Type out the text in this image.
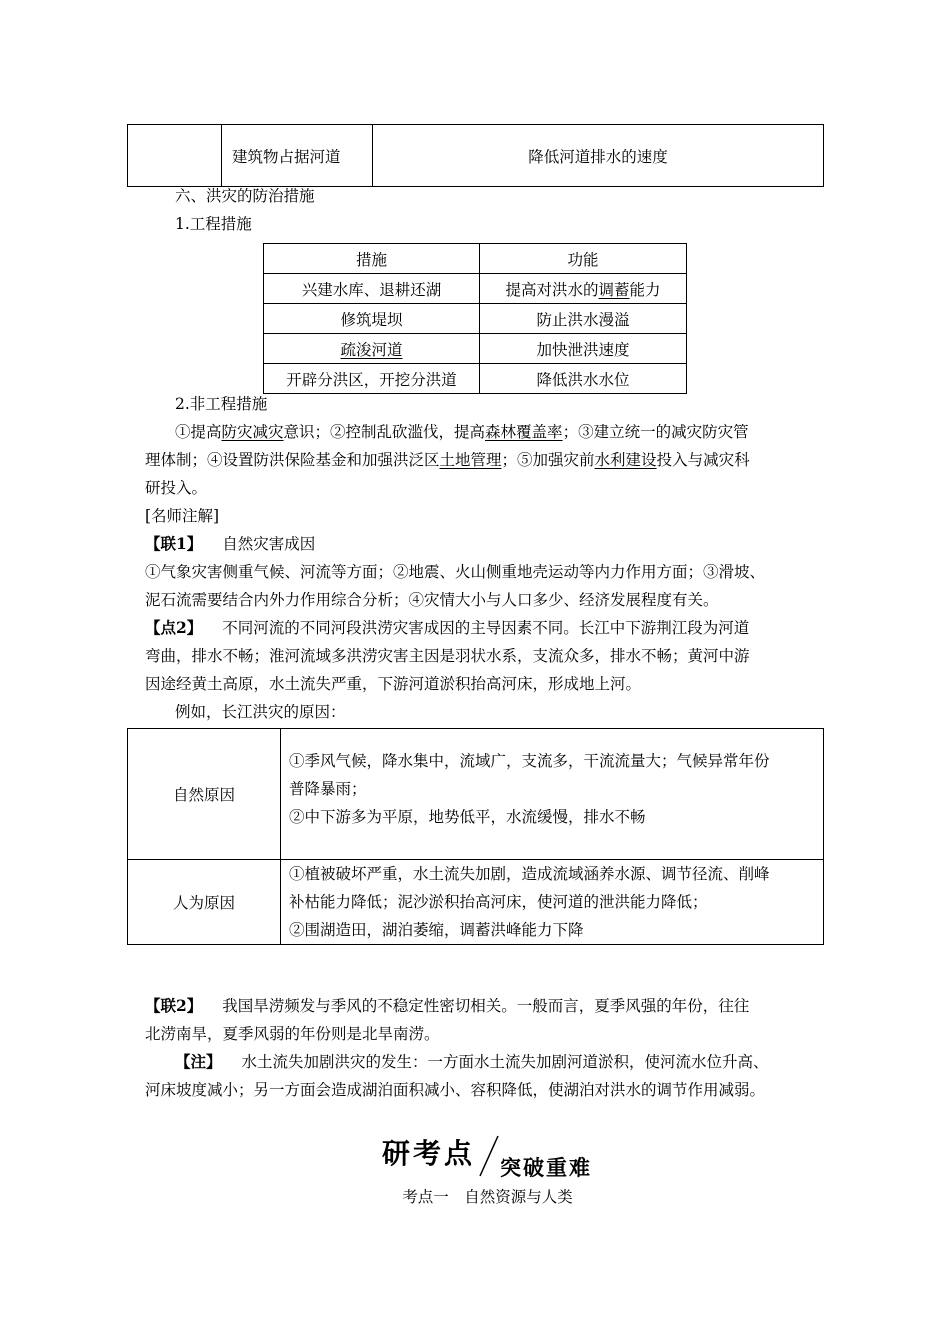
	建筑物占据河道	降低河道排水的速度
六、洪灾的防治措施
1.工程措施
措施	功能
兴建水库、退耕还湖	提高对洪水的调蓄能力
修筑堤坝	防止洪水漫溢
疏浚河道	加快泄洪速度
开辟分洪区，开挖分洪道	降低洪水水位
2.非工程措施
①提高防灾减灾意识；②控制乱砍滥伐，提高森林覆盖率；③建立统一的减灾防灾管
理体制；④设置防洪保险基金和加强洪泛区土地管理；⑤加强灾前水利建设投入与减灾科
研投入。
[名师注解]
【联1】 自然灾害成因
①气象灾害侧重气候、河流等方面；②地震、火山侧重地壳运动等内力作用方面；③滑坡、
泥石流需要结合内外力作用综合分析；④灾情大小与人口多少、经济发展程度有关。
【点2】 不同河流的不同河段洪涝灾害成因的主导因素不同。长江中下游荆江段为河道
弯曲，排水不畅；淮河流域多洪涝灾害主因是羽状水系，支流众多，排水不畅；黄河中游
因途经黄土高原，水土流失严重，下游河道淤积抬高河床，形成地上河。
例如，长江洪灾的原因：
自然原因	①季风气候，降水集中，流域广，支流多，干流流量大；气候异常年份

普降暴雨；

②中下游多为平原，地势低平，水流缓慢，排水不畅

人为原因	①植被破坏严重，水土流失加剧，造成流域涵养水源、调节径流、削峰

补枯能力降低；泥沙淤积抬高河床，使河道的泄洪能力降低；

②围湖造田，湖泊萎缩，调蓄洪峰能力下降

【联2】 我国旱涝频发与季风的不稳定性密切相关。一般而言，夏季风强的年份，往往
北涝南旱，夏季风弱的年份则是北旱南涝。
【注】 水土流失加剧洪灾的发生：一方面水土流失加剧河道淤积，使河流水位升高、
河床坡度减小；另一方面会造成湖泊面积减小、容积降低，使湖泊对洪水的调节作用减弱。
研考点 突破重难
考点一　自然资源与人类
